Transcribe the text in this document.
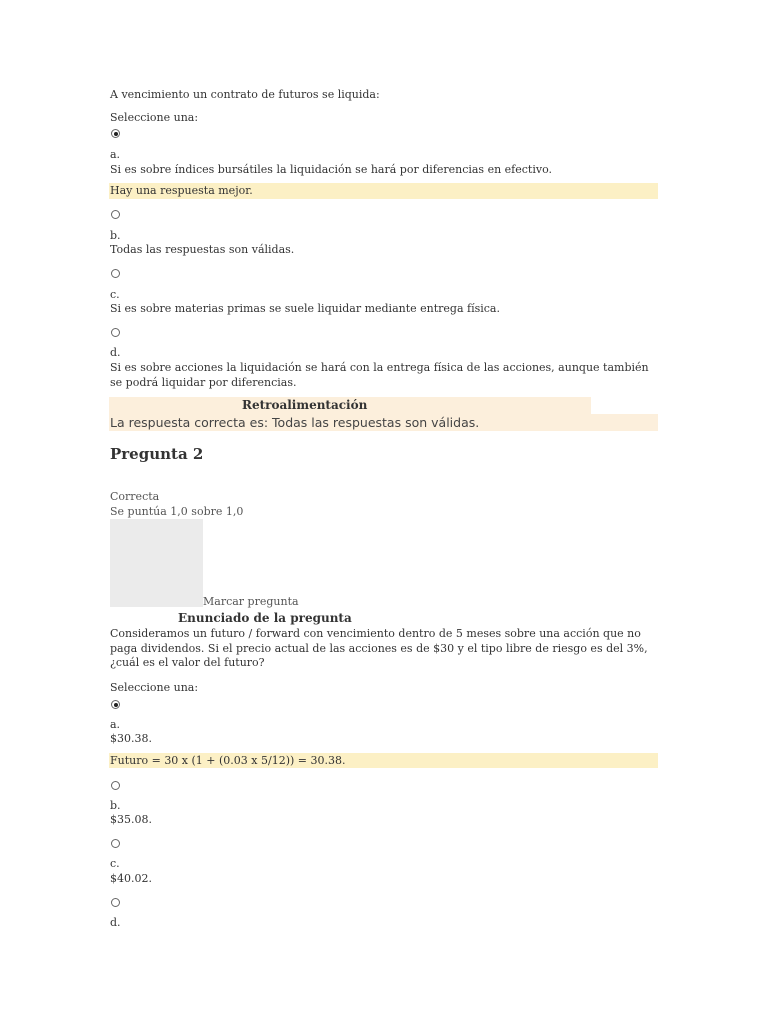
A vencimiento un contrato de futuros se liquida:
Seleccione una:
a.
Si es sobre índices bursátiles la liquidación se hará por diferencias en efectivo.
Hay una respuesta mejor.
b.
Todas las respuestas son válidas.
c.
Si es sobre materias primas se suele liquidar mediante entrega física.
d.
Si es sobre acciones la liquidación se hará con la entrega física de las acciones, aunque también se podrá liquidar por diferencias.
Retroalimentación
La respuesta correcta es: Todas las respuestas son válidas.
Pregunta 2
Correcta
Se puntúa 1,0 sobre 1,0
Marcar pregunta
Enunciado de la pregunta
Consideramos un futuro / forward con vencimiento dentro de 5 meses sobre una acción que no paga dividendos. Si el precio actual de las acciones es de $30 y el tipo libre de riesgo es del 3%, ¿cuál es el valor del futuro?
Seleccione una:
a.
$30.38.
Futuro = 30 x (1 + (0.03 x 5/12)) = 30.38.
b.
$35.08.
c.
$40.02.
d.
